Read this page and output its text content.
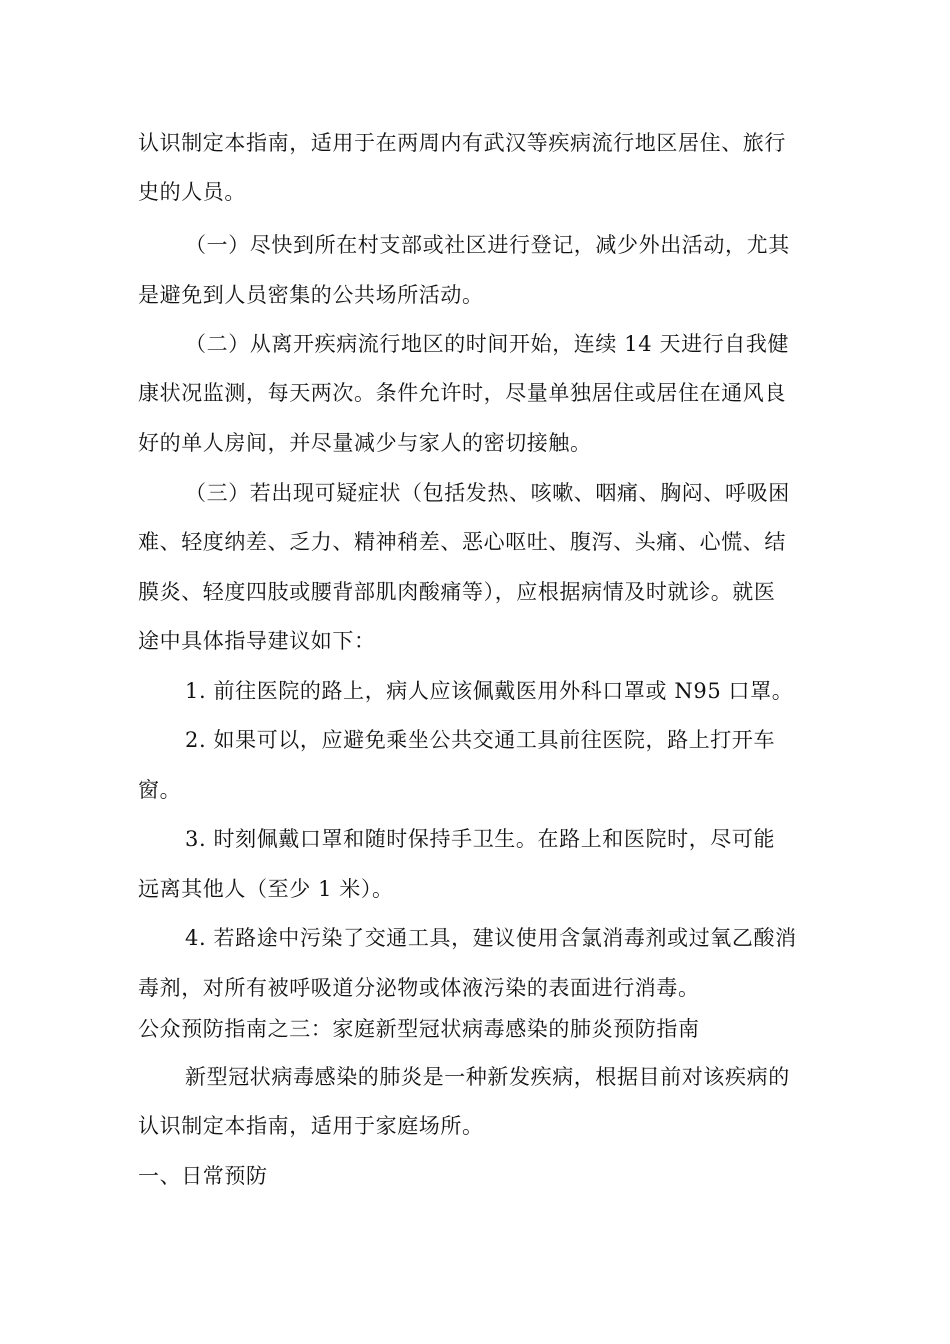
认识制定本指南，适用于在两周内有武汉等疾病流行地区居住、旅行
史的人员。
（一）尽快到所在村支部或社区进行登记，减少外出活动，尤其
是避免到人员密集的公共场所活动。
（二）从离开疾病流行地区的时间开始，连续 14 天进行自我健
康状况监测，每天两次。条件允许时，尽量单独居住或居住在通风良
好的单人房间，并尽量减少与家人的密切接触。
（三）若出现可疑症状（包括发热、咳嗽、咽痛、胸闷、呼吸困
难、轻度纳差、乏力、精神稍差、恶心呕吐、腹泻、头痛、心慌、结
膜炎、轻度四肢或腰背部肌肉酸痛等），应根据病情及时就诊。就医
途中具体指导建议如下：
1. 前往医院的路上，病人应该佩戴医用外科口罩或 N95 口罩。
2. 如果可以，应避免乘坐公共交通工具前往医院，路上打开车
窗。
3. 时刻佩戴口罩和随时保持手卫生。在路上和医院时，尽可能
远离其他人（至少 1 米）。
4. 若路途中污染了交通工具，建议使用含氯消毒剂或过氧乙酸消
毒剂，对所有被呼吸道分泌物或体液污染的表面进行消毒。
公众预防指南之三：家庭新型冠状病毒感染的肺炎预防指南
新型冠状病毒感染的肺炎是一种新发疾病，根据目前对该疾病的
认识制定本指南，适用于家庭场所。
一、日常预防
